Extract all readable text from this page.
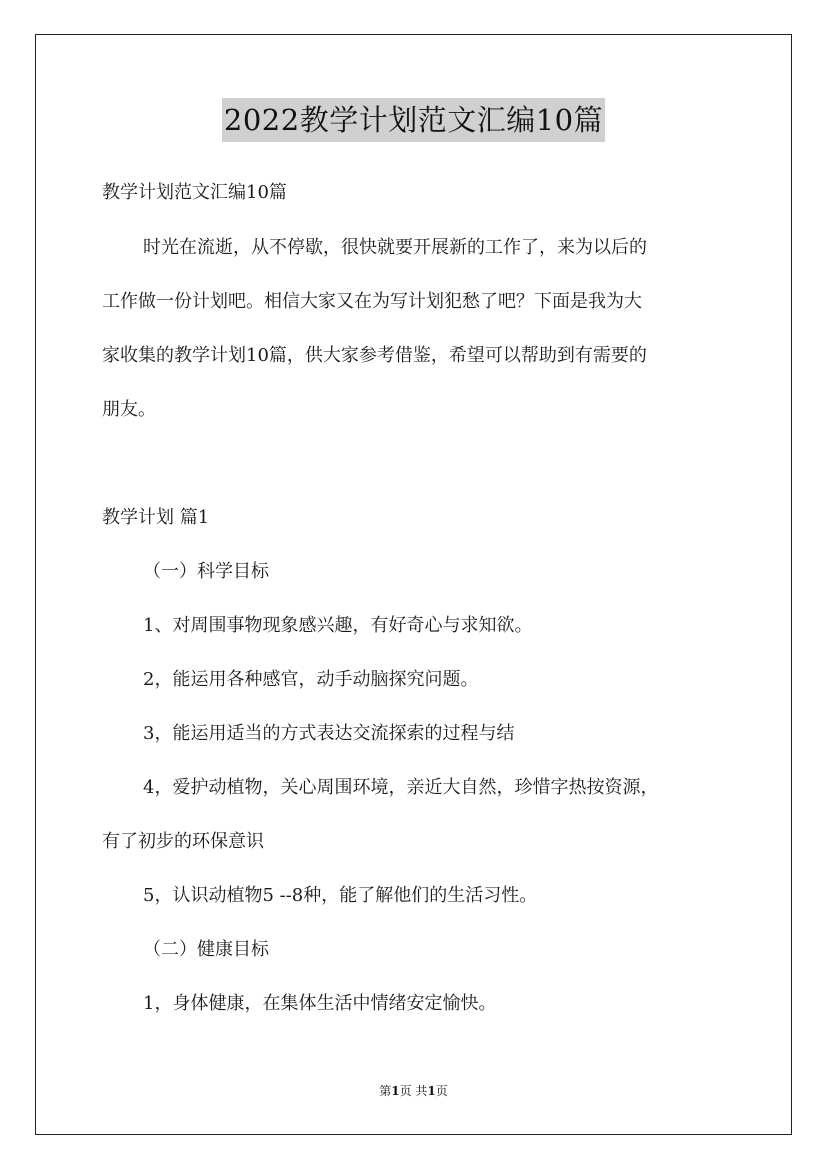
2022教学计划范文汇编10篇
教学计划范文汇编10篇
时光在流逝，从不停歇，很快就要开展新的工作了，来为以后的
工作做一份计划吧。相信大家又在为写计划犯愁了吧？下面是我为大
家收集的教学计划10篇，供大家参考借鉴，希望可以帮助到有需要的
朋友。
教学计划 篇1
（一）科学目标
1、对周围事物现象感兴趣，有好奇心与求知欲。
2，能运用各种感官，动手动脑探究问题。
3，能运用适当的方式表达交流探索的过程与结
4，爱护动植物，关心周围环境，亲近大自然，珍惜字热按资源，
有了初步的环保意识
5，认识动植物5 --8种，能了解他们的生活习性。
（二）健康目标
1，身体健康，在集体生活中情绪安定愉快。
第1页 共1页
